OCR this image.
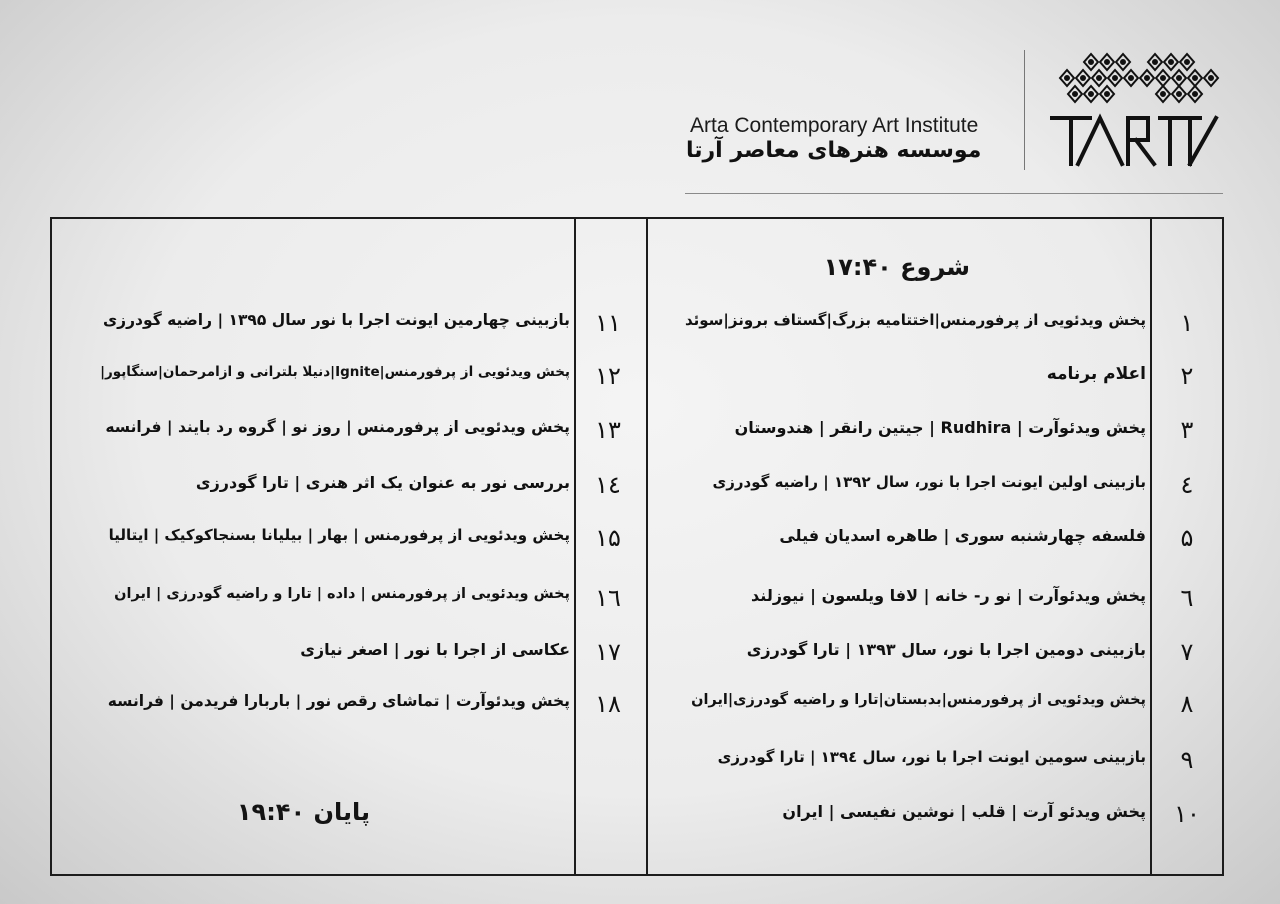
Arta Contemporary Art Institute
موسسه هنرهای معاصر آرتا
شروع ۱۷:۴۰
۱
پخش ویدئویی از پرفورمنس|اختتامیه بزرگ|گستاف برونز|سوئد
۲
اعلام برنامه
۳
پخش ویدئوآرت | Rudhira | جیتین رانقر | هندوستان
٤
بازبینی اولین ایونت اجرا با نور، سال ۱۳۹۲ | راضیه گودرزی
۵
فلسفه چهارشنبه سوری | طاهره اسدیان فیلی
٦
پخش ویدئوآرت | نو ر- خانه | لافا ویلسون | نیوزلند
۷
بازبینی دومین اجرا با نور، سال ۱۳۹۳ | تارا گودرزی
۸
پخش ویدئویی از پرفورمنس|بدبستان|تارا و راضیه گودرزی|ایران
۹
بازبینی سومین ایونت اجرا با نور، سال ۱۳۹٤ | تارا گودرزی
۱۰
پخش ویدئو آرت | قلب | نوشین نفیسی | ایران
۱۱
بازبینی چهارمین ایونت اجرا با نور سال ۱۳۹۵ | راضیه گودرزی
۱۲
پخش ویدئویی از پرفورمنس|Ignite|دنیلا بلترانی و ازامرحمان|سنگاپور|
۱۳
پخش ویدئویی از پرفورمنس | روز نو | گروه رد بایند | فرانسه
۱٤
بررسی نور به عنوان یک اثر هنری | تارا گودرزی
۱۵
پخش ویدئویی از پرفورمنس | بهار | بیلیانا بسنجاکوکیک | ایتالیا
۱٦
پخش ویدئویی از پرفورمنس | داده | تارا و راضیه گودرزی | ایران
۱۷
عکاسی از اجرا با نور | اصغر نیازی
۱۸
پخش ویدئوآرت | تماشای رقص نور | باربارا فریدمن | فرانسه
پایان ۱۹:۴۰
